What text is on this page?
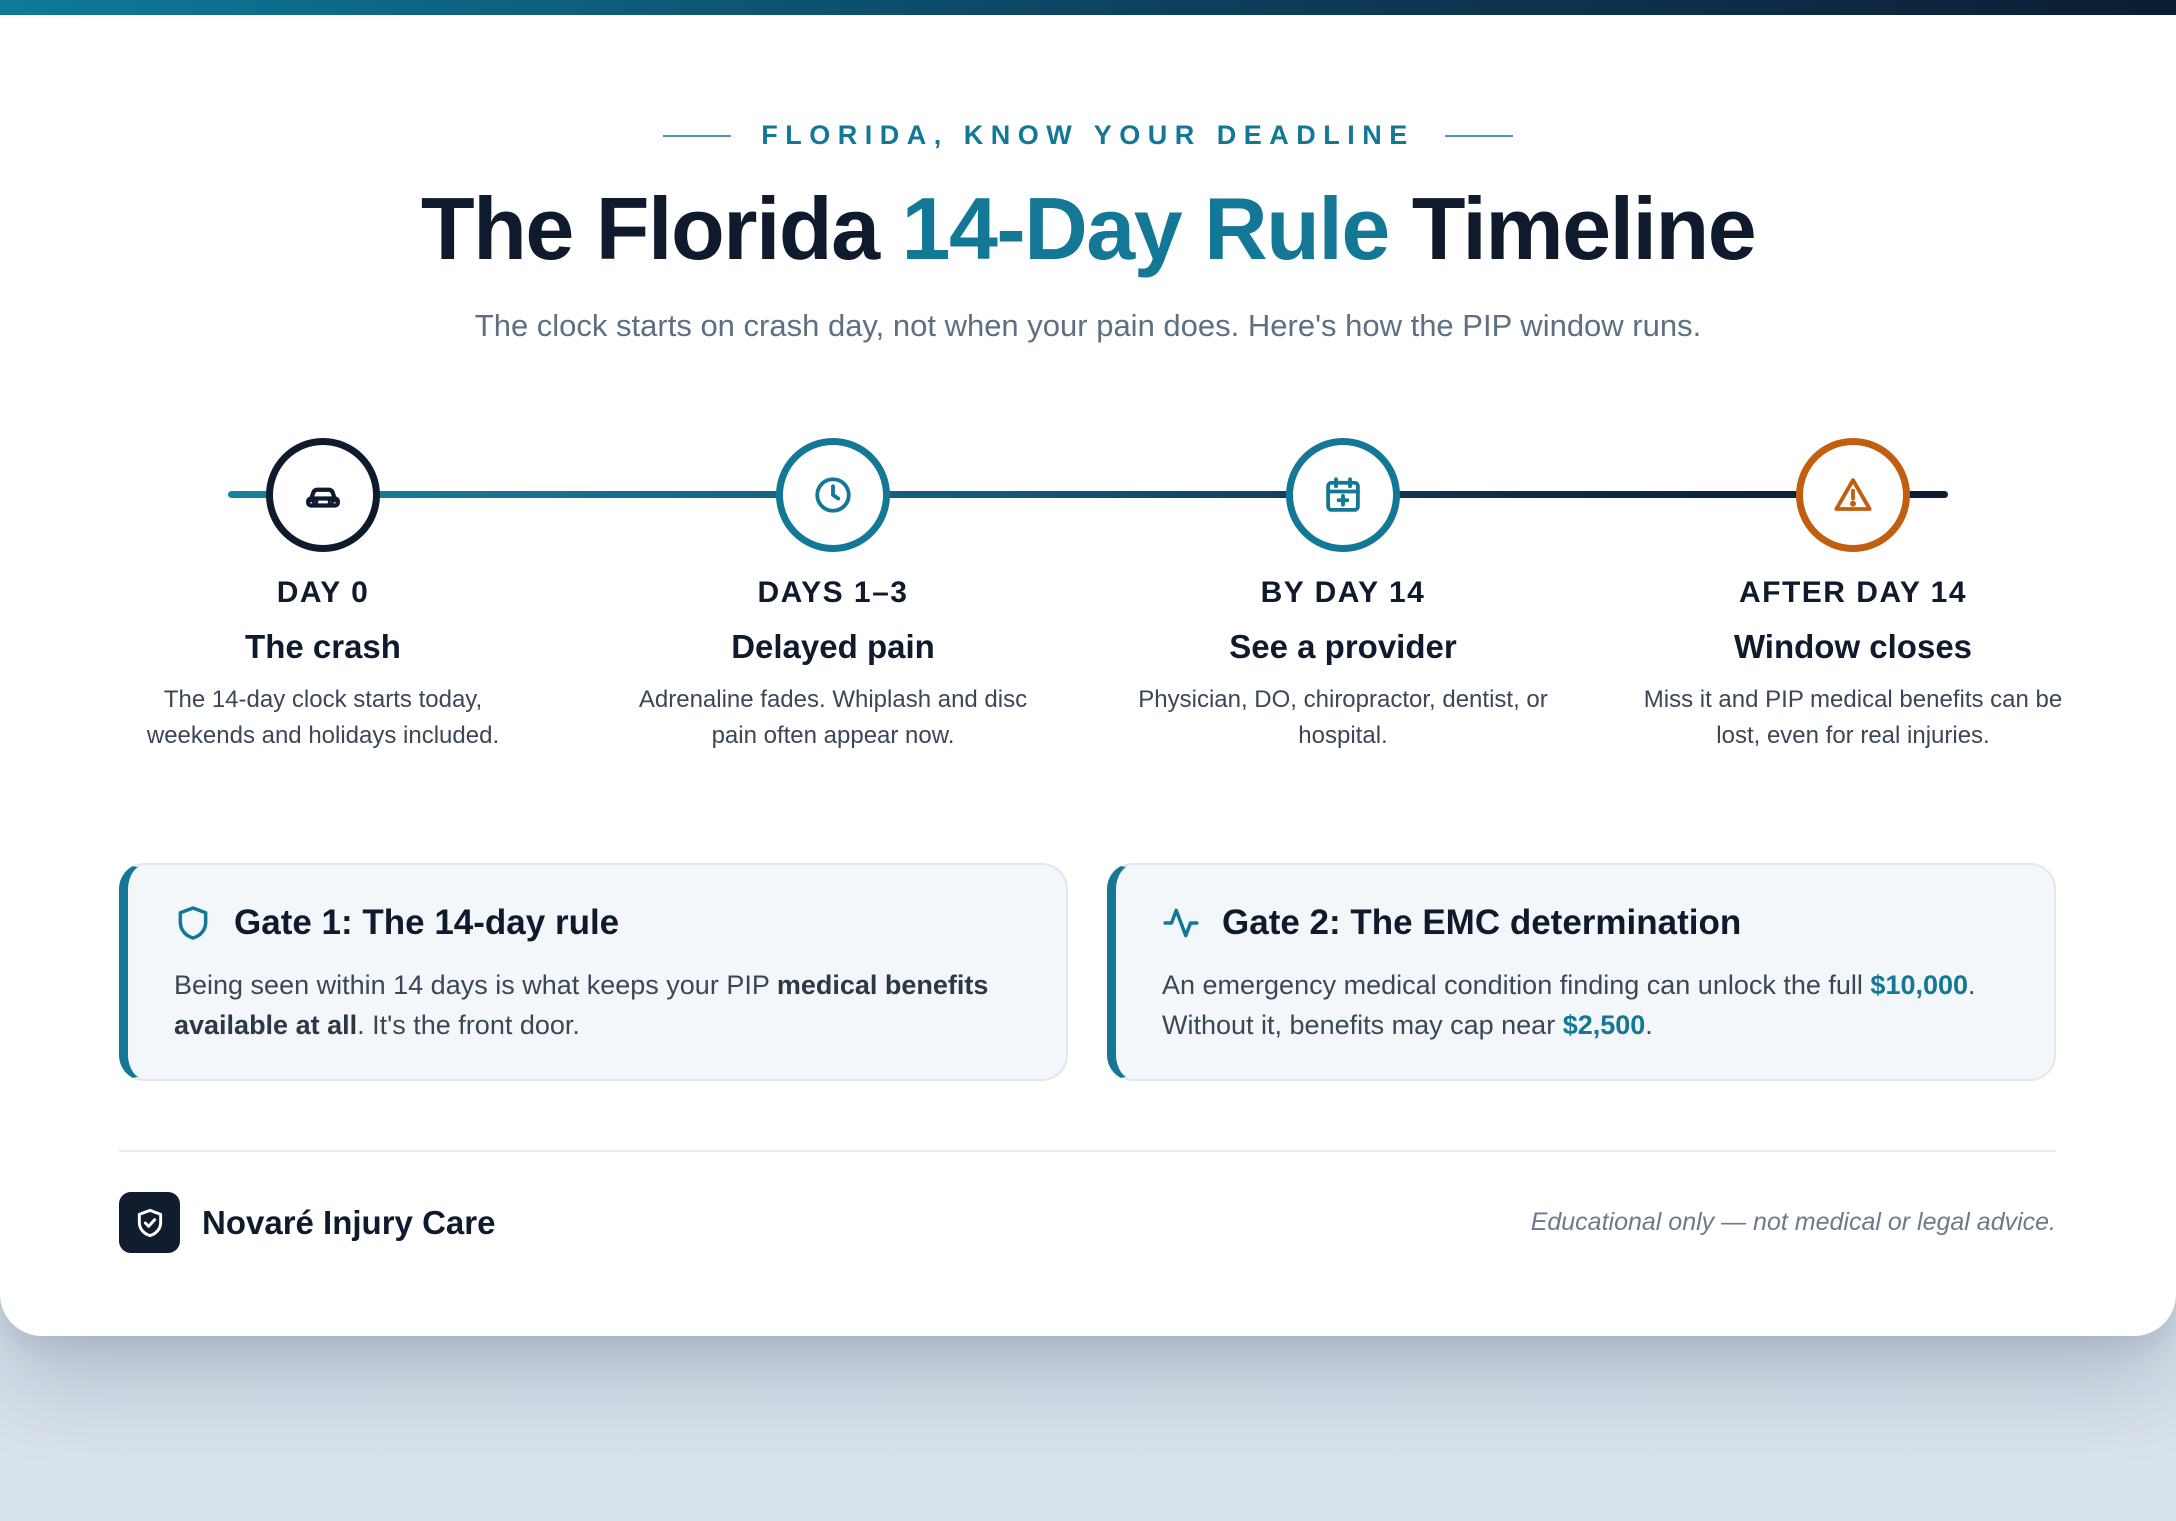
FLORIDA, KNOW YOUR DEADLINE
The Florida 14-Day Rule Timeline

The clock starts on crash day, not when your pain does. Here's how the PIP window runs.

DAY 0
The crash
The 14-day clock starts today, weekends and holidays included.
DAYS 1–3
Delayed pain
Adrenaline fades. Whiplash and disc pain often appear now.
BY DAY 14
See a provider
Physician, DO, chiropractor, dentist, or hospital.
AFTER DAY 14
Window closes
Miss it and PIP medical benefits can be lost, even for real injuries.
Gate 1: The 14-day rule

Being seen within 14 days is what keeps your PIP medical benefits available at all. It's the front door.

Gate 2: The EMC determination

An emergency medical condition finding can unlock the full $10,000. Without it, benefits may cap near $2,500.

Novaré Injury Care	Educational only — not medical or legal advice.
